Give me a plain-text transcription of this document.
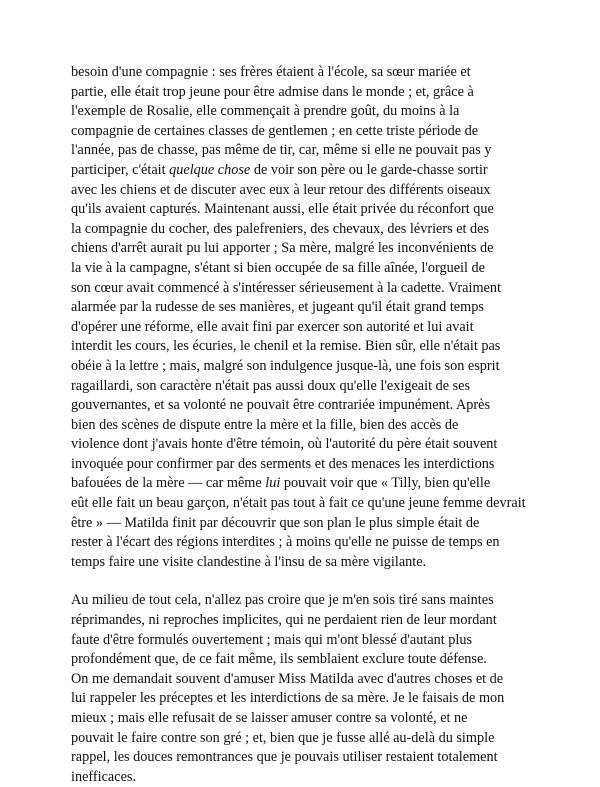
besoin d'une compagnie : ses frères étaient à l'école, sa sœur mariée et
partie, elle était trop jeune pour être admise dans le monde ; et, grâce à
l'exemple de Rosalie, elle commençait à prendre goût, du moins à la
compagnie de certaines classes de gentlemen ; en cette triste période de
l'année, pas de chasse, pas même de tir, car, même si elle ne pouvait pas y
participer, c'était quelque chose de voir son père ou le garde-chasse sortir
avec les chiens et de discuter avec eux à leur retour des différents oiseaux
qu'ils avaient capturés. Maintenant aussi, elle était privée du réconfort que
la compagnie du cocher, des palefreniers, des chevaux, des lévriers et des
chiens d'arrêt aurait pu lui apporter ; Sa mère, malgré les inconvénients de
la vie à la campagne, s'étant si bien occupée de sa fille aînée, l'orgueil de
son cœur avait commencé à s'intéresser sérieusement à la cadette. Vraiment
alarmée par la rudesse de ses manières, et jugeant qu'il était grand temps
d'opérer une réforme, elle avait fini par exercer son autorité et lui avait
interdit les cours, les écuries, le chenil et la remise. Bien sûr, elle n'était pas
obéie à la lettre ; mais, malgré son indulgence jusque-là, une fois son esprit
ragaillardi, son caractère n'était pas aussi doux qu'elle l'exigeait de ses
gouvernantes, et sa volonté ne pouvait être contrariée impunément. Après
bien des scènes de dispute entre la mère et la fille, bien des accès de
violence dont j'avais honte d'être témoin, où l'autorité du père était souvent
invoquée pour confirmer par des serments et des menaces les interdictions
bafouées de la mère — car même lui pouvait voir que « Tilly, bien qu'elle
eût elle fait un beau garçon, n'était pas tout à fait ce qu'une jeune femme devrait
être » — Matilda finit par découvrir que son plan le plus simple était de
rester à l'écart des régions interdites ; à moins qu'elle ne puisse de temps en
temps faire une visite clandestine à l'insu de sa mère vigilante.

Au milieu de tout cela, n'allez pas croire que je m'en sois tiré sans maintes
réprimandes, ni reproches implicites, qui ne perdaient rien de leur mordant
faute d'être formulés ouvertement ; mais qui m'ont blessé d'autant plus
profondément que, de ce fait même, ils semblaient exclure toute défense.
On me demandait souvent d'amuser Miss Matilda avec d'autres choses et de
lui rappeler les préceptes et les interdictions de sa mère. Je le faisais de mon
mieux ; mais elle refusait de se laisser amuser contre sa volonté, et ne
pouvait le faire contre son gré ; et, bien que je fusse allé au-delà du simple
rappel, les douces remontrances que je pouvais utiliser restaient totalement
inefficaces.
